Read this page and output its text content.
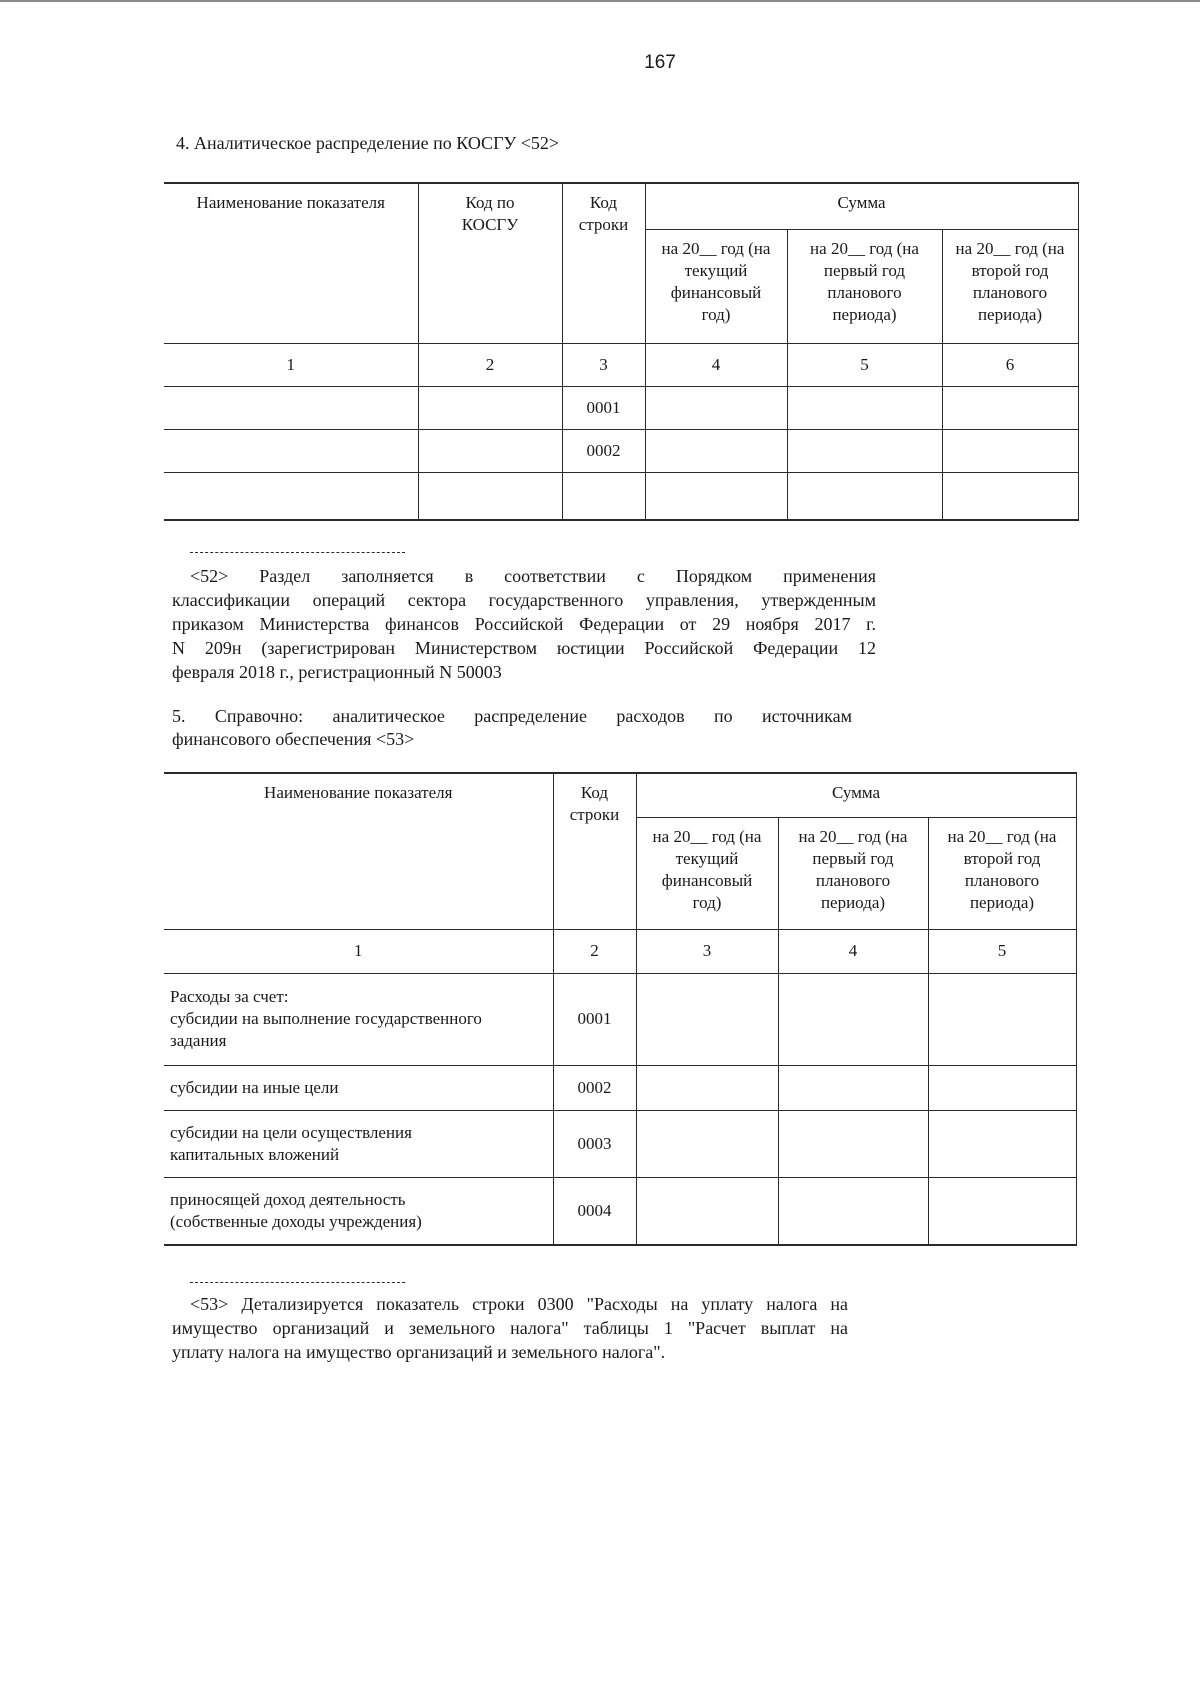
167
4. Аналитическое распределение по КОСГУ <52>
Наименование показателя	Код по КОСГУ	Код строки	Сумма		
			на 20__ год (на текущий финансовый год)	на 20__ год (на первый год планового периода)	на 20__ год (на второй год планового периода)
1	2	3	4	5	6
		0001			
		0002			

<52> Раздел заполняется в соответствии с Порядком применения
классификации операций сектора государственного управления, утвержденным
приказом Министерства финансов Российской Федерации от 29 ноября 2017 г.
N 209н (зарегистрирован Министерством юстиции Российской Федерации 12
февраля 2018 г., регистрационный N 50003
5. Справочно: аналитическое распределение расходов по источникам
финансового обеспечения <53>
Наименование показателя	Код строки	Сумма		
		на 20__ год (на текущий финансовый год)	на 20__ год (на первый год планового периода)	на 20__ год (на второй год планового периода)
1	2	3	4	5

Расходы за счет:
субсидии на выполнение государственного
задания	0001			

субсидии на иные цели	0002			

субсидии на цели осуществления
капитальных вложений	0003			

приносящей доход деятельность
(собственные доходы учреждения)	0004			
<53> Детализируется показатель строки 0300 "Расходы на уплату налога на
имущество организаций и земельного налога" таблицы 1 "Расчет выплат на
уплату налога на имущество организаций и земельного налога".
